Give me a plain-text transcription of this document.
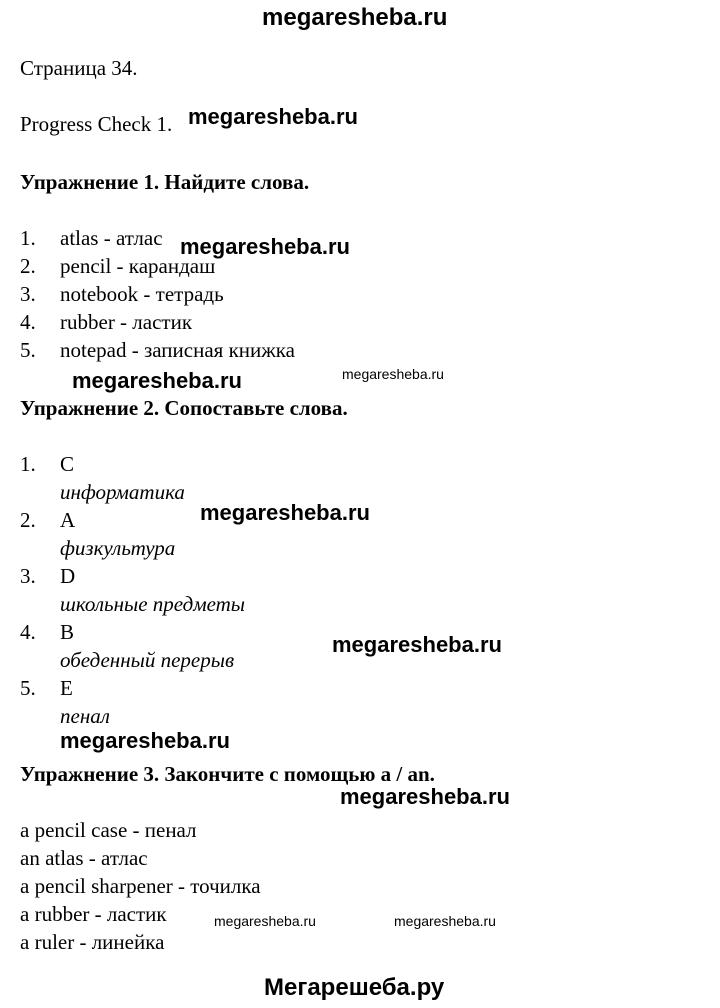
megaresheba.ru
Страница 34.
Progress Check 1. megaresheba.ru
Упражнение 1. Найдите слова.
1. atlas - атлас megaresheba.ru
2. pencil - карандаш
3. notebook - тетрадь
4. rubber - ластик
5. notepad - записная книжка
megaresheba.ru	megaresheba.ru
Упражнение 2. Сопоставьте слова.
1. C
информатика
2. A	megaresheba.ru
физкультура
3. D
школьные предметы
4. B	megaresheba.ru
обеденный перерыв
5. E
пенал
megaresheba.ru
Упражнение 3. Закончите с помощью a / an.
megaresheba.ru
a pencil case - пенал
an atlas - атлас
a pencil sharpener - точилка
a rubber - ластик	megaresheba.ru	megaresheba.ru
a ruler - линейка
Мегарешеба.ру
